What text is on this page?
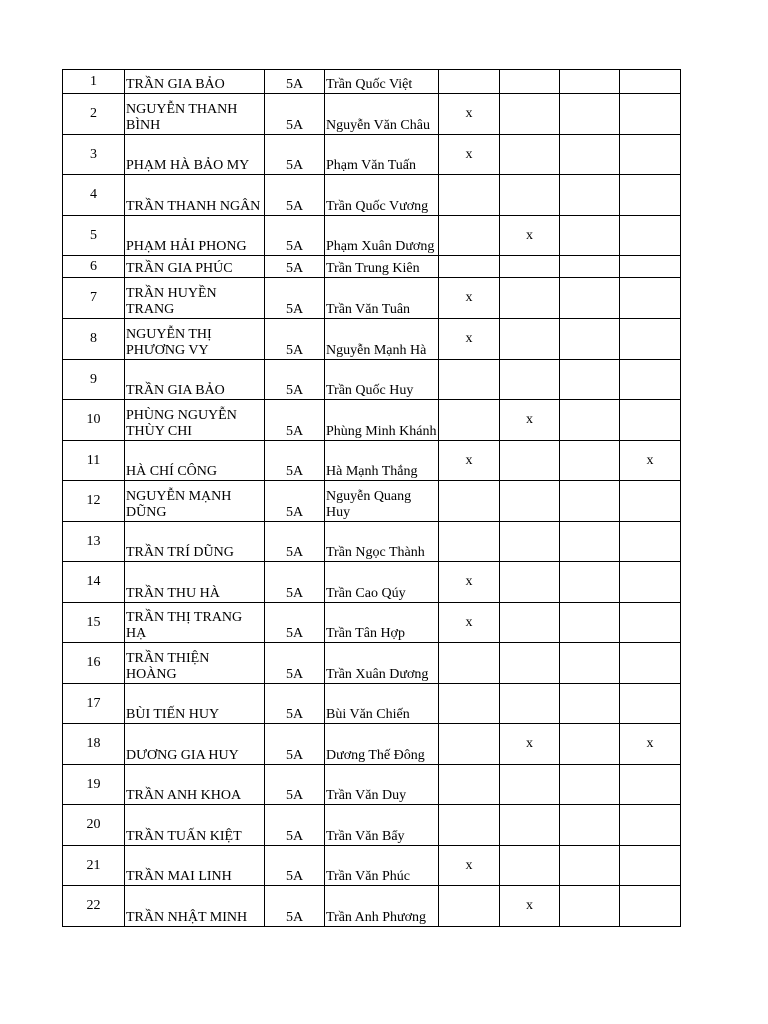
1	TRẦN GIA BẢO	5A	Trần Quốc Việt				
2	NGUYỄN THANH BÌNH	5A	Nguyễn Văn Châu	x			
3	PHẠM HÀ BẢO MY	5A	Phạm Văn Tuấn	x			
4	TRẦN THANH NGÂN	5A	Trần Quốc Vương				
5	PHẠM HẢI PHONG	5A	Phạm Xuân Dương		x		
6	TRẦN GIA PHÚC	5A	Trần Trung Kiên				
7	TRẦN HUYỀN TRANG	5A	Trần Văn Tuân	x			
8	NGUYỄN THỊ PHƯƠNG VY	5A	Nguyễn Mạnh Hà	x			
9	TRẦN GIA BẢO	5A	Trần Quốc Huy				
10	PHÙNG NGUYỄN THÙY CHI	5A	Phùng Minh Khánh		x		
11	HÀ CHÍ CÔNG	5A	Hà Mạnh Thắng	x			x
12	NGUYỄN MẠNH DŨNG	5A	Nguyễn Quang Huy				
13	TRẦN TRÍ DŨNG	5A	Trần Ngọc Thành				
14	TRẦN THU HÀ	5A	Trần Cao Qúy	x			
15	TRẦN THỊ TRANG HẠ	5A	Trần Tân Hợp	x			
16	TRẦN THIỆN HOÀNG	5A	Trần Xuân Dương				
17	BÙI TIẾN HUY	5A	Bùi Văn Chiến				
18	DƯƠNG GIA HUY	5A	Dương Thế Đông		x		x
19	TRẦN ANH KHOA	5A	Trần Văn Duy				
20	TRẦN TUẤN KIỆT	5A	Trần Văn Bẩy				
21	TRẦN MAI LINH	5A	Trần Văn Phúc	x			
22	TRẦN NHẬT MINH	5A	Trần Anh Phương		x		
